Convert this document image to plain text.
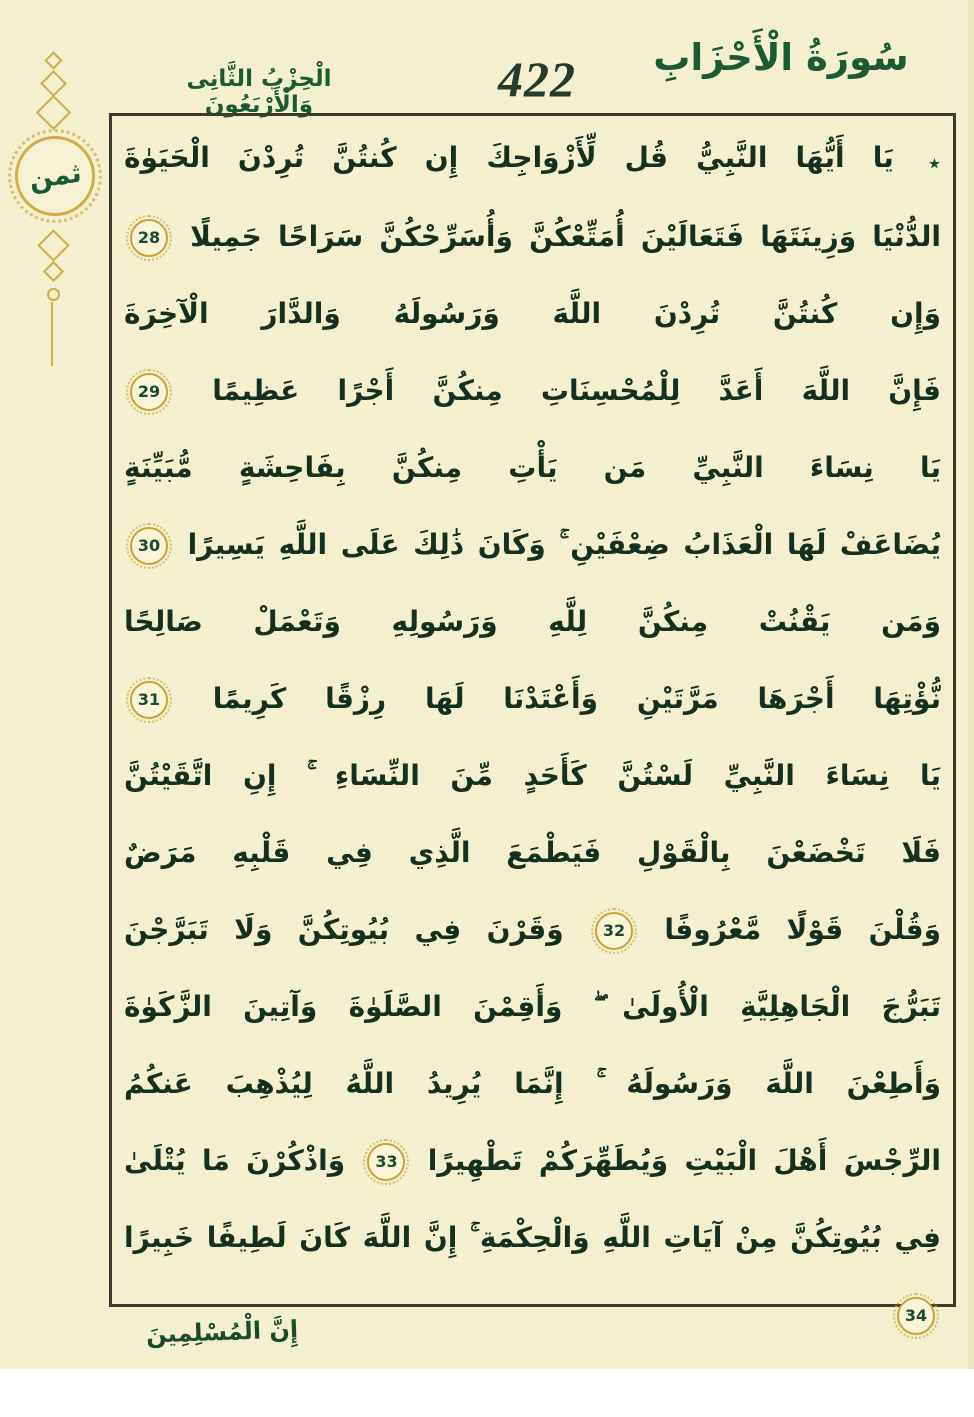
سُورَةُ الْأَحْزَابِ
422
الْحِزْبُ الثَّانِى وَالْأَرْبَعُونَ
ثمن	٭ يَا أَيُّهَا النَّبِيُّ قُل لِّأَزْوَاجِكَ إِن كُنتُنَّ تُرِدْنَ الْحَيَوٰةَ
الدُّنْيَا وَزِينَتَهَا فَتَعَالَيْنَ أُمَتِّعْكُنَّ وَأُسَرِّحْكُنَّ سَرَاحًا جَمِيلًا 28
وَإِن كُنتُنَّ تُرِدْنَ اللَّهَ وَرَسُولَهُ وَالدَّارَ الْآخِرَةَ
فَإِنَّ اللَّهَ أَعَدَّ لِلْمُحْسِنَاتِ مِنكُنَّ أَجْرًا عَظِيمًا 29
يَا نِسَاءَ النَّبِيِّ مَن يَأْتِ مِنكُنَّ بِفَاحِشَةٍ مُّبَيِّنَةٍ
يُضَاعَفْ لَهَا الْعَذَابُ ضِعْفَيْنِ ۚ وَكَانَ ذَٰلِكَ عَلَى اللَّهِ يَسِيرًا 30
وَمَن يَقْنُتْ مِنكُنَّ لِلَّهِ وَرَسُولِهِ وَتَعْمَلْ صَالِحًا
نُّؤْتِهَا أَجْرَهَا مَرَّتَيْنِ وَأَعْتَدْنَا لَهَا رِزْقًا كَرِيمًا 31
يَا نِسَاءَ النَّبِيِّ لَسْتُنَّ كَأَحَدٍ مِّنَ النِّسَاءِ ۚ إِنِ اتَّقَيْتُنَّ
فَلَا تَخْضَعْنَ بِالْقَوْلِ فَيَطْمَعَ الَّذِي فِي قَلْبِهِ مَرَضٌ
وَقُلْنَ قَوْلًا مَّعْرُوفًا 32 وَقَرْنَ فِي بُيُوتِكُنَّ وَلَا تَبَرَّجْنَ
تَبَرُّجَ الْجَاهِلِيَّةِ الْأُولَىٰ ۖ وَأَقِمْنَ الصَّلَوٰةَ وَآتِينَ الزَّكَوٰةَ
وَأَطِعْنَ اللَّهَ وَرَسُولَهُ ۚ إِنَّمَا يُرِيدُ اللَّهُ لِيُذْهِبَ عَنكُمُ
الرِّجْسَ أَهْلَ الْبَيْتِ وَيُطَهِّرَكُمْ تَطْهِيرًا 33 وَاذْكُرْنَ مَا يُتْلَىٰ
فِي بُيُوتِكُنَّ مِنْ آيَاتِ اللَّهِ وَالْحِكْمَةِ ۚ إِنَّ اللَّهَ كَانَ لَطِيفًا خَبِيرًا 34
إِنَّ الْمُسْلِمِينَ
